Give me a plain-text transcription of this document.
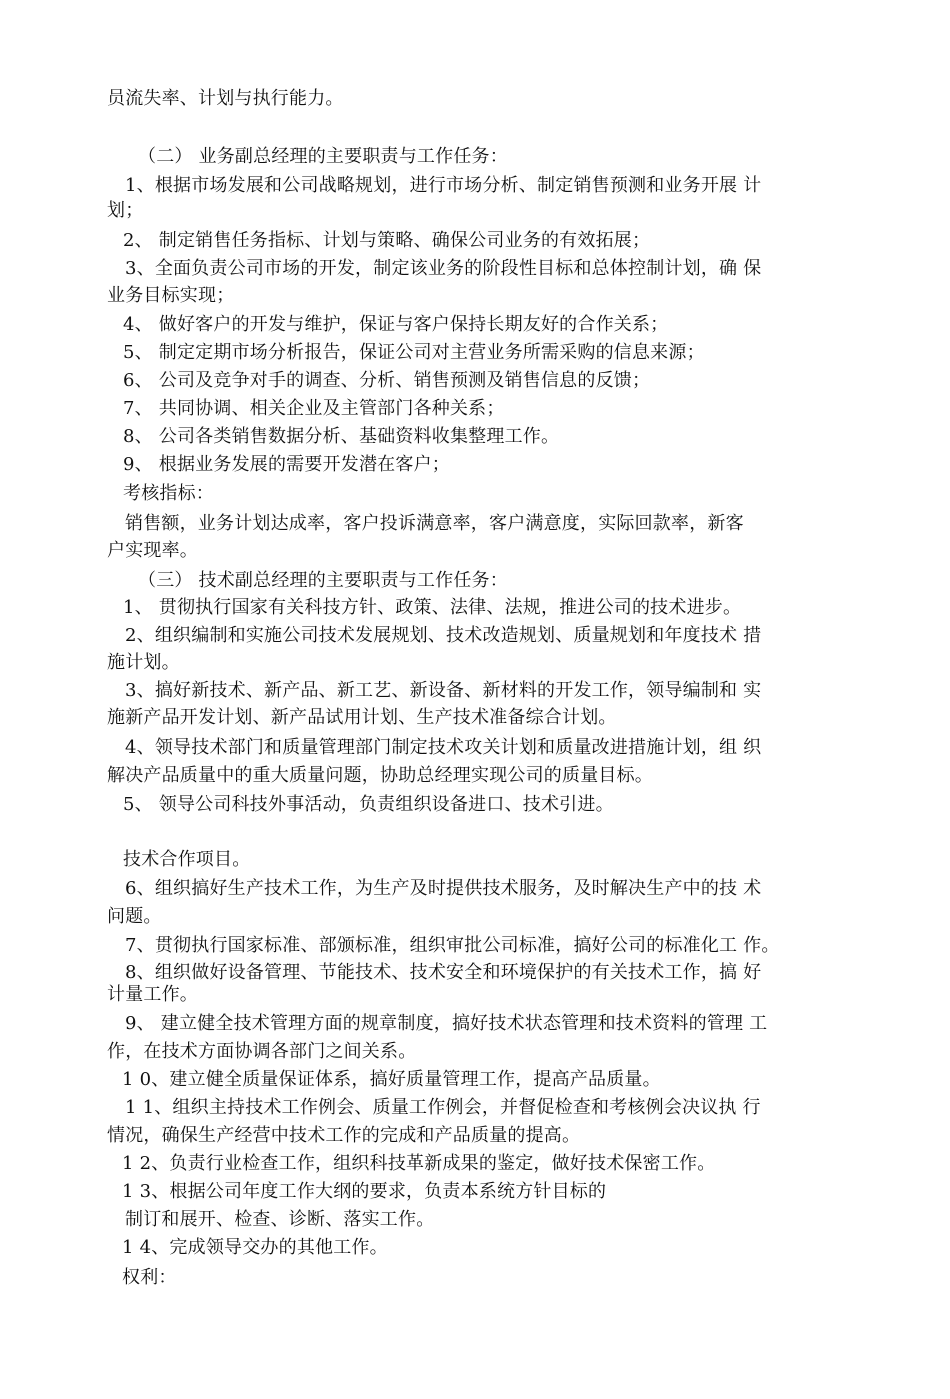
员流失率、计划与执行能力。
（二） 业务副总经理的主要职责与工作任务：
1、根据市场发展和公司战略规划，进行市场分析、制定销售预测和业务开展 计
划；
2、 制定销售任务指标、计划与策略、确保公司业务的有效拓展；
3、全面负责公司市场的开发，制定该业务的阶段性目标和总体控制计划，确 保
业务目标实现；
4、 做好客户的开发与维护，保证与客户保持长期友好的合作关系；
5、 制定定期市场分析报告，保证公司对主营业务所需采购的信息来源；
6、 公司及竞争对手的调查、分析、销售预测及销售信息的反馈；
7、 共同协调、相关企业及主管部门各种关系；
8、 公司各类销售数据分析、基础资料收集整理工作。
9、 根据业务发展的需要开发潜在客户；
考核指标：
销售额，业务计划达成率，客户投诉满意率，客户满意度，实际回款率，新客
户实现率。
（三） 技术副总经理的主要职责与工作任务：
1、 贯彻执行国家有关科技方针、政策、法律、法规，推进公司的技术进步。
2、组织编制和实施公司技术发展规划、技术改造规划、质量规划和年度技术 措
施计划。
3、搞好新技术、新产品、新工艺、新设备、新材料的开发工作，领导编制和 实
施新产品开发计划、新产品试用计划、生产技术准备综合计划。
4、领导技术部门和质量管理部门制定技术攻关计划和质量改进措施计划，组 织
解决产品质量中的重大质量问题，协助总经理实现公司的质量目标。
5、 领导公司科技外事活动，负责组织设备进口、技术引进。
技术合作项目。
6、组织搞好生产技术工作，为生产及时提供技术服务，及时解决生产中的技 术
问题。
7、贯彻执行国家标准、部颁标准，组织审批公司标准，搞好公司的标准化工 作。
8、组织做好设备管理、节能技术、技术安全和环境保护的有关技术工作，搞 好
计量工作。
9、 建立健全技术管理方面的规章制度，搞好技术状态管理和技术资料的管理 工
作，在技术方面协调各部门之间关系。
1 0、建立健全质量保证体系，搞好质量管理工作，提高产品质量。
1 1、组织主持技术工作例会、质量工作例会，并督促检查和考核例会决议执 行
情况，确保生产经营中技术工作的完成和产品质量的提高。
1 2、负责行业检查工作，组织科技革新成果的鉴定，做好技术保密工作。
1 3、根据公司年度工作大纲的要求，负责本系统方针目标的
制订和展开、检查、诊断、落实工作。
1 4、完成领导交办的其他工作。
权利：
